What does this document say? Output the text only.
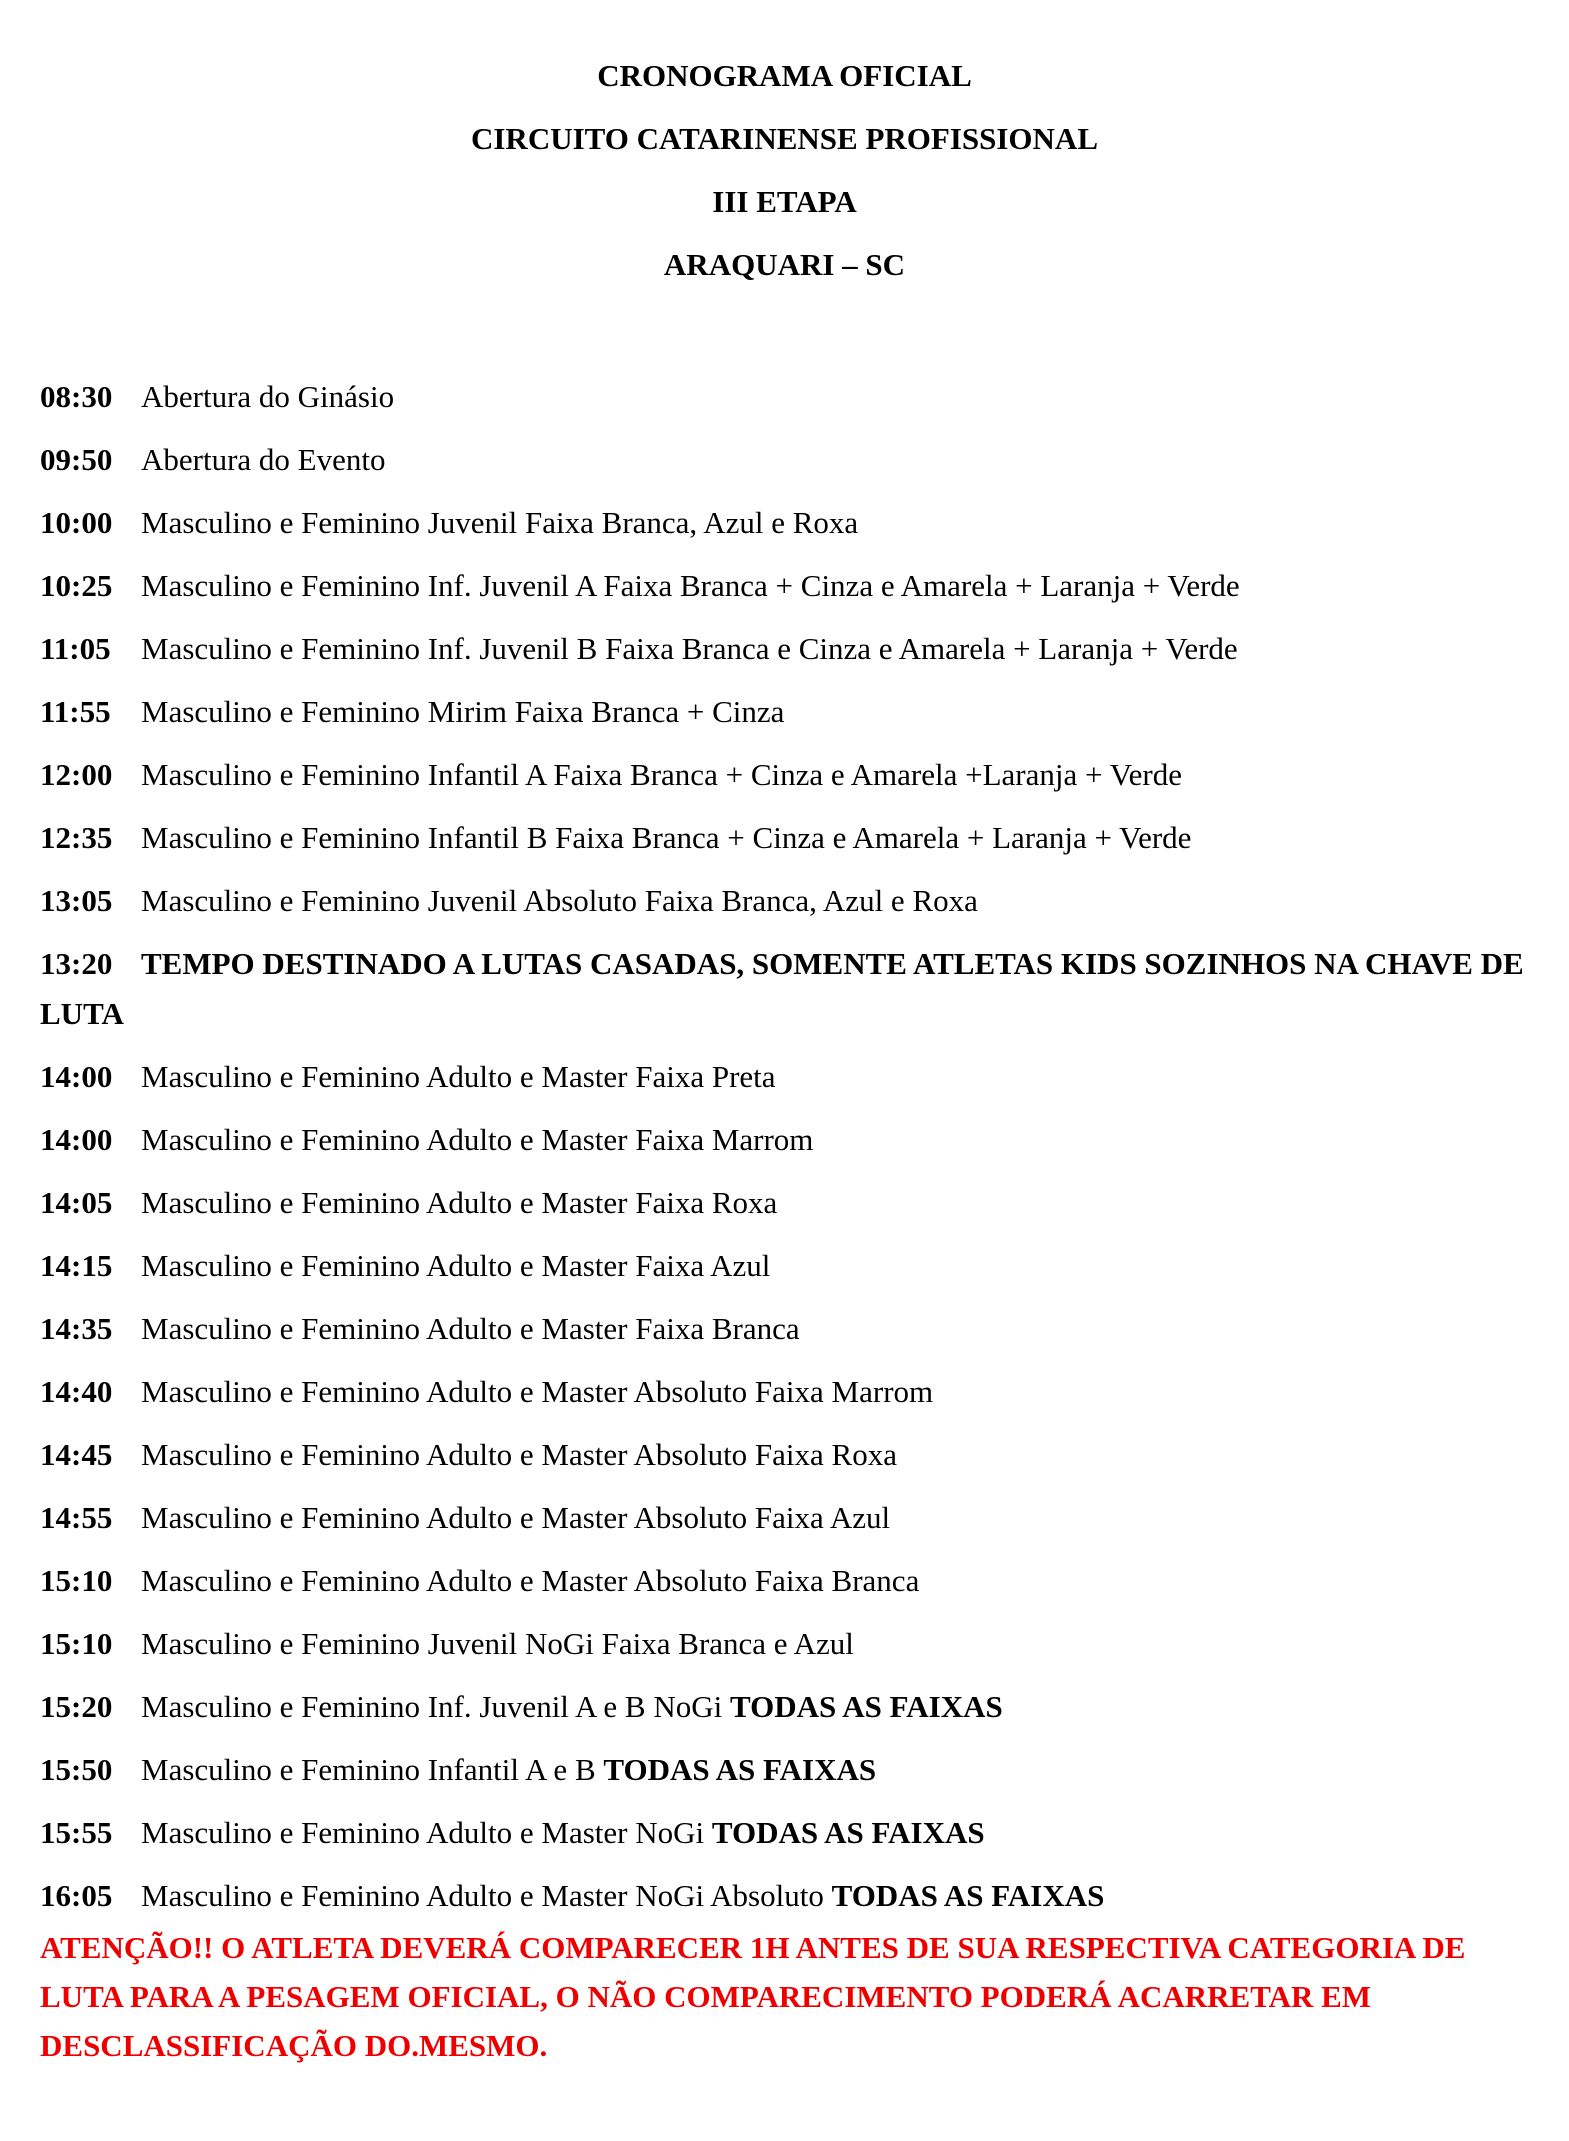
CRONOGRAMA OFICIAL
CIRCUITO CATARINENSE PROFISSIONAL
III ETAPA
ARAQUARI – SC
08:30 Abertura do Ginásio
09:50 Abertura do Evento
10:00 Masculino e Feminino Juvenil Faixa Branca, Azul e Roxa
10:25 Masculino e Feminino Inf. Juvenil A Faixa Branca + Cinza e Amarela + Laranja + Verde
11:05 Masculino e Feminino Inf. Juvenil B Faixa Branca e Cinza e Amarela + Laranja + Verde
11:55 Masculino e Feminino Mirim Faixa Branca + Cinza
12:00 Masculino e Feminino Infantil A Faixa Branca + Cinza e Amarela +Laranja + Verde
12:35 Masculino e Feminino Infantil B Faixa Branca + Cinza e Amarela + Laranja + Verde
13:05 Masculino e Feminino Juvenil Absoluto Faixa Branca, Azul e Roxa
13:20 TEMPO DESTINADO A LUTAS CASADAS, SOMENTE ATLETAS KIDS SOZINHOS NA CHAVE DE LUTA
14:00 Masculino e Feminino Adulto e Master Faixa Preta
14:00 Masculino e Feminino Adulto e Master Faixa Marrom
14:05 Masculino e Feminino Adulto e Master Faixa Roxa
14:15 Masculino e Feminino Adulto e Master Faixa Azul
14:35 Masculino e Feminino Adulto e Master Faixa Branca
14:40 Masculino e Feminino Adulto e Master Absoluto Faixa Marrom
14:45 Masculino e Feminino Adulto e Master Absoluto Faixa Roxa
14:55 Masculino e Feminino Adulto e Master Absoluto Faixa Azul
15:10 Masculino e Feminino Adulto e Master Absoluto Faixa Branca
15:10 Masculino e Feminino Juvenil NoGi Faixa Branca e Azul
15:20 Masculino e Feminino Inf. Juvenil A e B NoGi TODAS AS FAIXAS
15:50 Masculino e Feminino Infantil A e B TODAS AS FAIXAS
15:55 Masculino e Feminino Adulto e Master NoGi TODAS AS FAIXAS
16:05 Masculino e Feminino Adulto e Master NoGi Absoluto TODAS AS FAIXAS
ATENÇÃO!! O ATLETA DEVERÁ COMPARECER 1H ANTES DE SUA RESPECTIVA CATEGORIA DE LUTA PARA A PESAGEM OFICIAL, O NÃO COMPARECIMENTO PODERÁ ACARRETAR EM DESCLASSIFICAÇÃO DO.MESMO.
